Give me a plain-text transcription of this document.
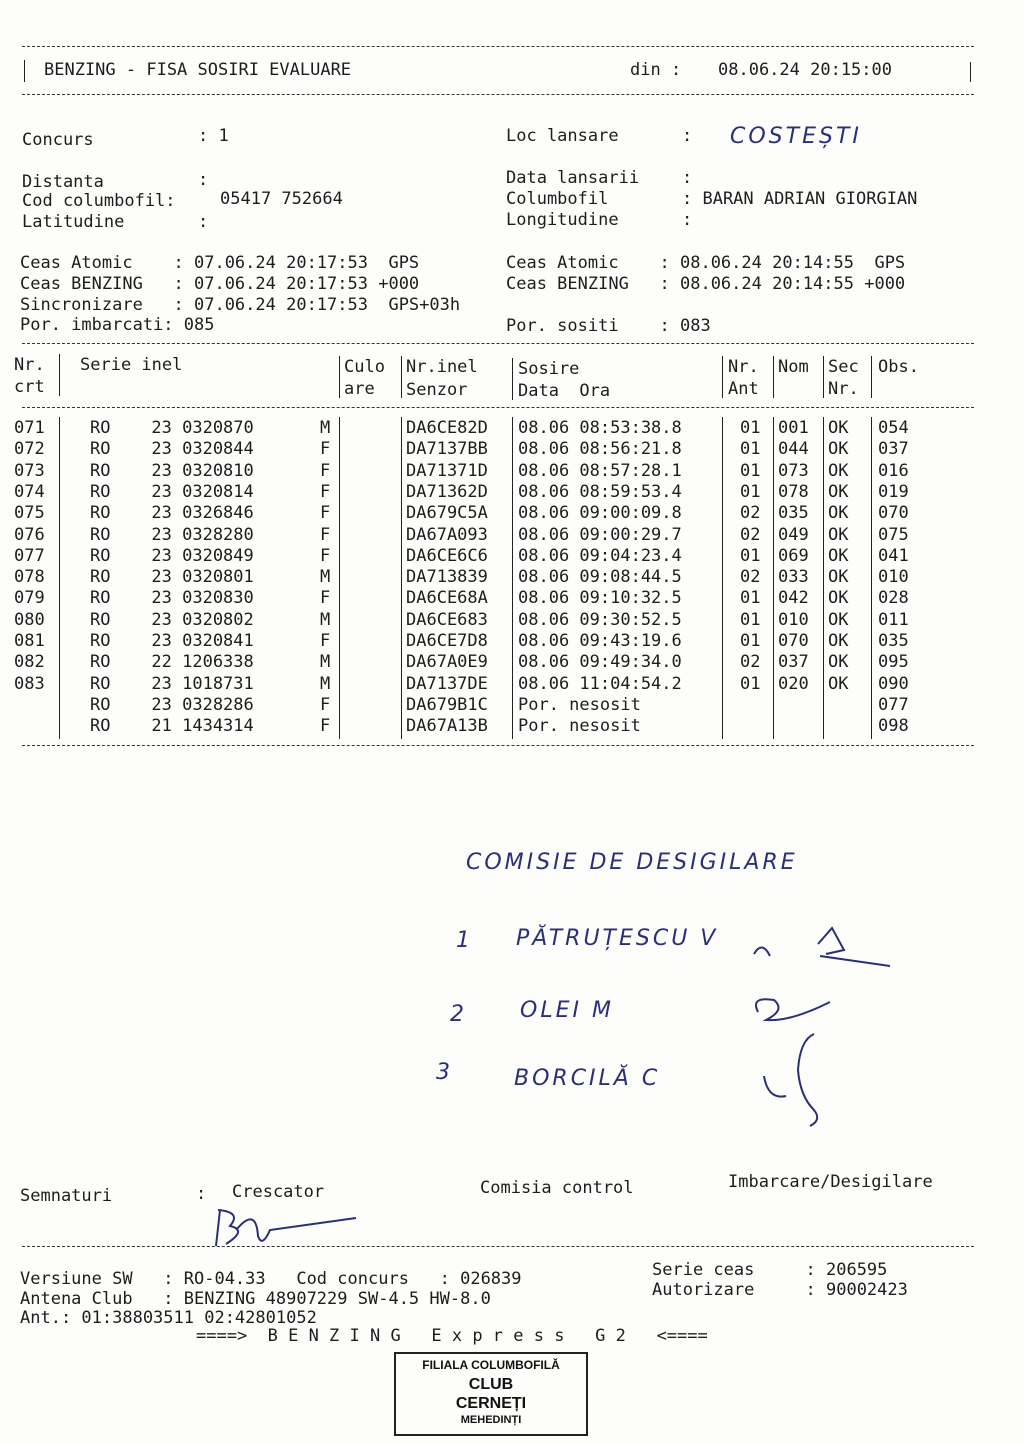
BENZING - FISA SOSIRI EVALUARE	din : 08.06.24 20:15:00
Concurs	: 1	Loc lansare	: COSTEȘTI
Distanta	:	Data lansarii	:
Cod columbofil:	05417 752664	Columbofil	: BARAN ADRIAN GIORGIAN
Latitudine	:	Longitudine	:
Ceas Atomic    : 07.06.24 20:17:53  GPS
Ceas BENZING   : 07.06.24 20:17:53 +000
Sincronizare   : 07.06.24 20:17:53  GPS+03h
Por. imbarcati: 085
Ceas Atomic    : 08.06.24 20:14:55  GPS
Ceas BENZING   : 08.06.24 20:14:55 +000
Por. sositi    : 083
Nr.
crt
Serie inel	Culo
are
Nr.inel
Senzor
Sosire
Data  Ora
Nr.
Ant
Nom Sec
Nr.
Obs.
071	RO    23 0320870	M	DA6CE82D 08.06 08:53:38.8	01 001 OK 054
072	RO    23 0320844	F	DA7137BB 08.06 08:56:21.8	01 044 OK 037
073	RO    23 0320810	F	DA71371D 08.06 08:57:28.1	01 073 OK 016
074	RO    23 0320814	F	DA71362D 08.06 08:59:53.4	01 078 OK 019
075	RO    23 0326846	F	DA679C5A 08.06 09:00:09.8	02 035 OK 070
076	RO    23 0328280	F	DA67A093 08.06 09:00:29.7	02 049 OK 075
077	RO    23 0320849	F	DA6CE6C6 08.06 09:04:23.4	01 069 OK 041
078	RO    23 0320801	M	DA713839 08.06 09:08:44.5	02 033 OK 010
079	RO    23 0320830	F	DA6CE68A 08.06 09:10:32.5	01 042 OK 028
080	RO    23 0320802	M	DA6CE683 08.06 09:30:52.5	01 010 OK 011
081	RO    23 0320841	F	DA6CE7D8 08.06 09:43:19.6	01 070 OK 035
082	RO    22 1206338	M	DA67A0E9 08.06 09:49:34.0	02 037 OK 095
083	RO    23 1018731	M	DA7137DE 08.06 11:04:54.2	01 020 OK 090
RO    23 0328286	F	DA679B1C Por. nesosit	077
RO    21 1434314	F	DA67A13B Por. nesosit	098
COMISIE DE DESIGILARE
1 PĂTRUȚESCU V
2 OLEI M
3	BORCILĂ C
Semnaturi	: Crescator	Comisia control	Imbarcare/Desigilare
Versiune SW   : RO-04.33   Cod concurs   : 026839
Antena Club   : BENZING 48907229 SW-4.5 HW-8.0
Ant.: 01:38803511 02:42801052
Serie ceas     : 206595
Autorizare     : 90002423
====>  B E N Z I N G   E x p r e s s   G 2   <====
FILIALA COLUMBOFILĂ
CLUB
CERNEȚI
MEHEDINȚI
